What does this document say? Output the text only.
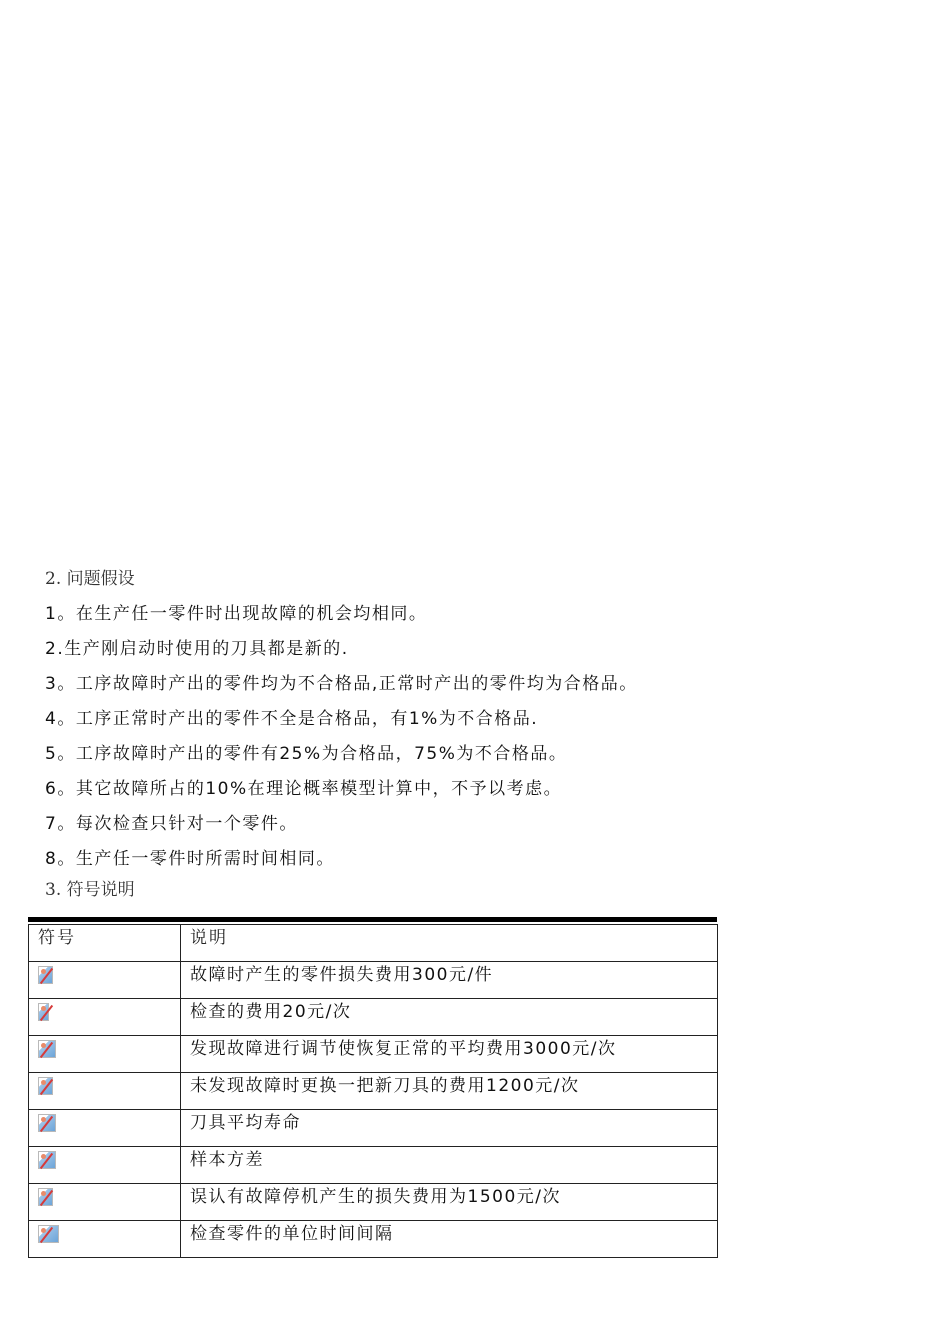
2. 问题假设

1。在生产任一零件时出现故障的机会均相同。

2.生产刚启动时使用的刀具都是新的.

3。工序故障时产出的零件均为不合格品,正常时产出的零件均为合格品。

4。工序正常时产出的零件不全是合格品，有1%为不合格品.

5。工序故障时产出的零件有25%为合格品，75%为不合格品。

6。其它故障所占的10%在理论概率模型计算中，不予以考虑。

7。每次检查只针对一个零件。

8。生产任一零件时所需时间相同。

3. 符号说明

符号	说明
	故障时产生的零件损失费用300元/件
	检查的费用20元/次
	发现故障进行调节使恢复正常的平均费用3000元/次
	未发现故障时更换一把新刀具的费用1200元/次
	刀具平均寿命
	样本方差
	误认有故障停机产生的损失费用为1500元/次
	检查零件的单位时间间隔
